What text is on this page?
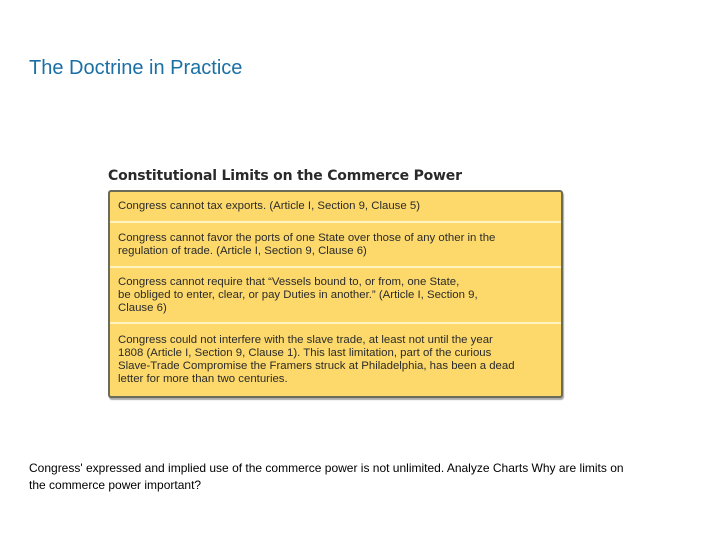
The Doctrine in Practice
Constitutional Limits on the Commerce Power
Congress cannot tax exports. (Article I, Section 9, Clause 5)
Congress cannot favor the ports of one State over those of any other in the
regulation of trade. (Article I, Section 9, Clause 6)
Congress cannot require that “Vessels bound to, or from, one State,
be obliged to enter, clear, or pay Duties in another.” (Article I, Section 9,
Clause 6)
Congress could not interfere with the slave trade, at least not until the year
1808 (Article I, Section 9, Clause 1). This last limitation, part of the curious
Slave-Trade Compromise the Framers struck at Philadelphia, has been a dead
letter for more than two centuries.
Congress' expressed and implied use of the commerce power is not unlimited. Analyze Charts Why are limits on the commerce power important?
